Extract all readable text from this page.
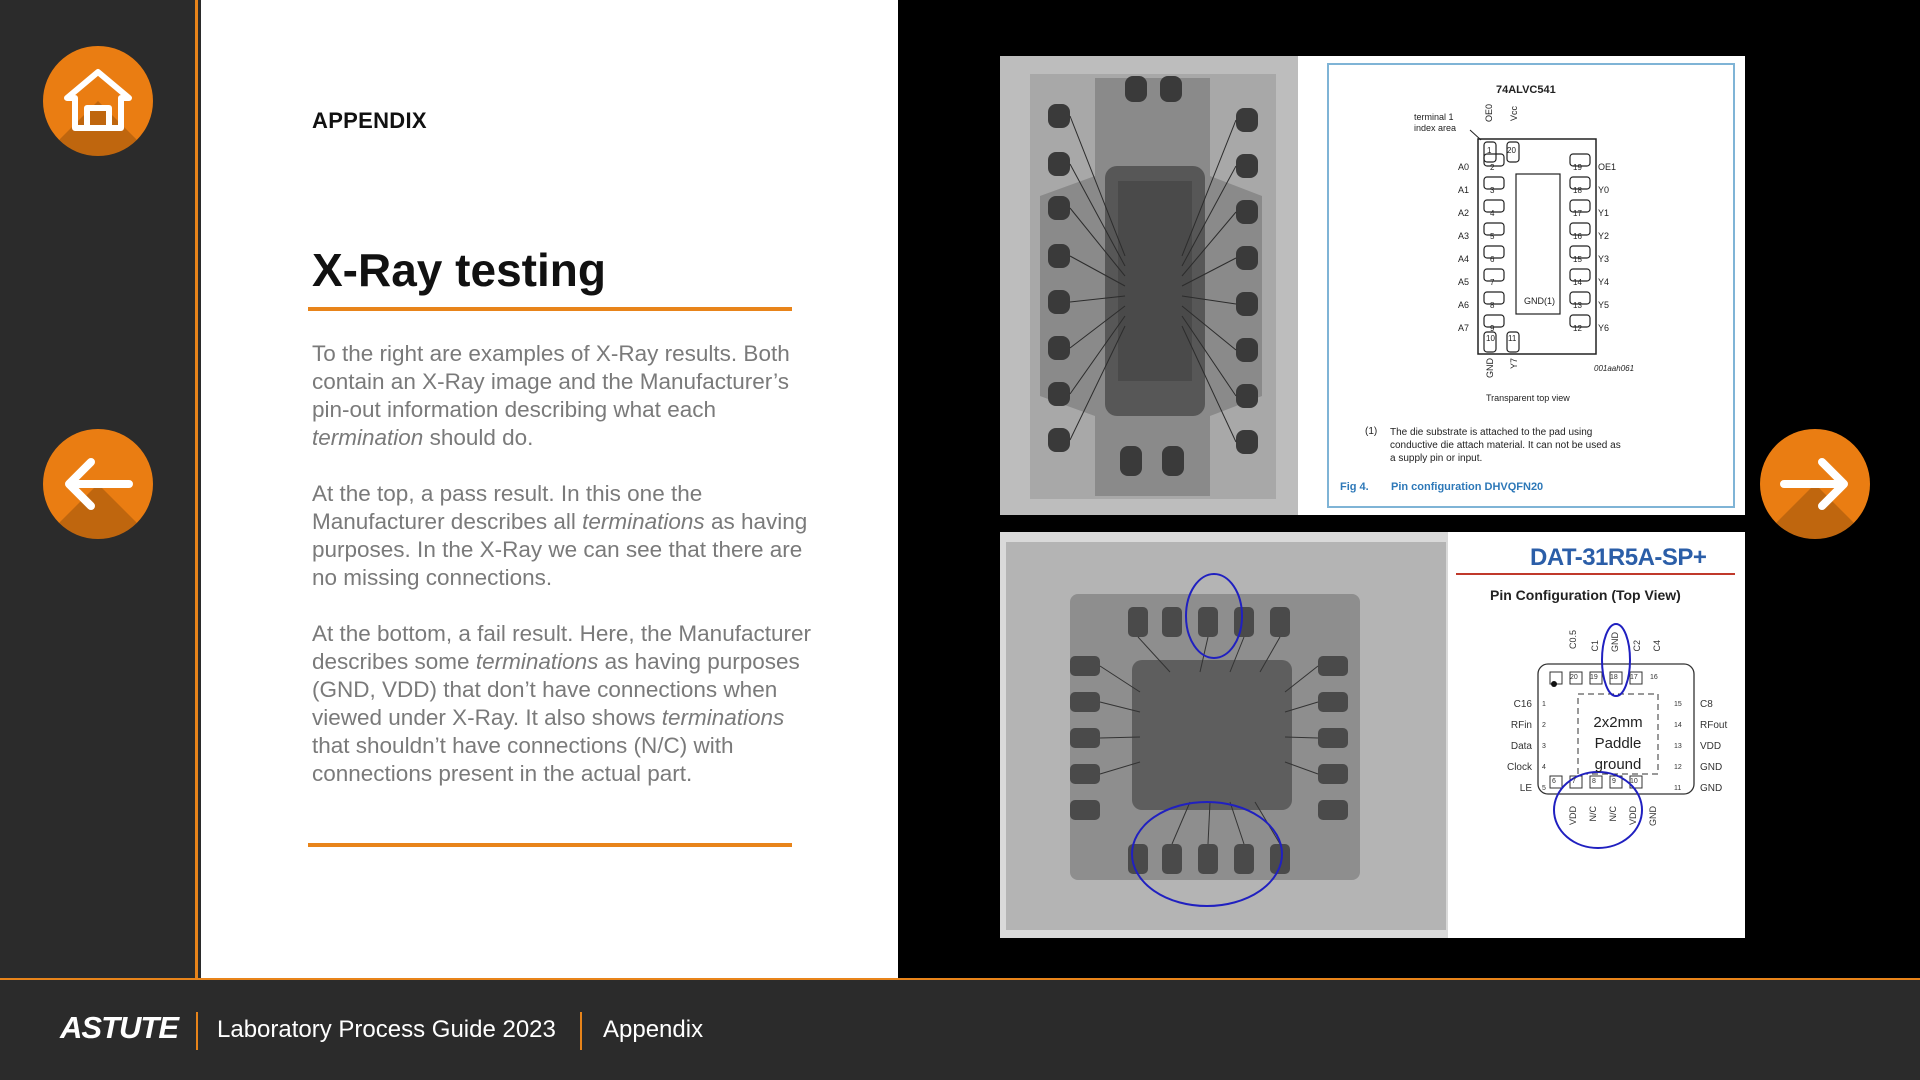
APPENDIX
X-Ray testing

To the right are examples of X-Ray results. Both contain an X-Ray image and the Manufacturer’s pin-out information describing what each termination should do.

At the top, a pass result. In this one the Manufacturer describes all terminations as having purposes. In the X-Ray we can see that there are no missing connections.

At the bottom, a fail result. Here, the Manufacturer describes some terminations as having purposes (GND, VDD) that don’t have connections when viewed under X-Ray. It also shows terminations that shouldn’t have connections (N/C) with connections present in the actual part.

74ALVC541
terminal 1
index area
OE0 Vcc
1 20
A0
A1
A2
A3
A4
A5
A6
A7
2
3
4
5
6
7
8
9
19
18
17
16
15
14
13
12
OE1
Y0
Y1
Y2
Y3
Y4
Y5
Y6
GND(1)
10 11
GND Y7	001aah061
Transparent top view
(1) The die substrate is attached to the pad using
conductive die attach material. It can not be used as
a supply pin or input.
Fig 4. Pin configuration DHVQFN20
DAT-31R5A-SP+
Pin Configuration (Top View)
C0.5 C1 GND C2 C4
20 19 18 17 16
C16
RFin
Data
Clock
LE
1
2
3
4
5
15
14
13
12
11
C8
RFout
VDD
GND
GND
2x2mm
Paddle
ground
6 7 8 9 10
VDD N/C N/C VDD GND
ASTUTE Laboratory Process Guide 2023 Appendix
